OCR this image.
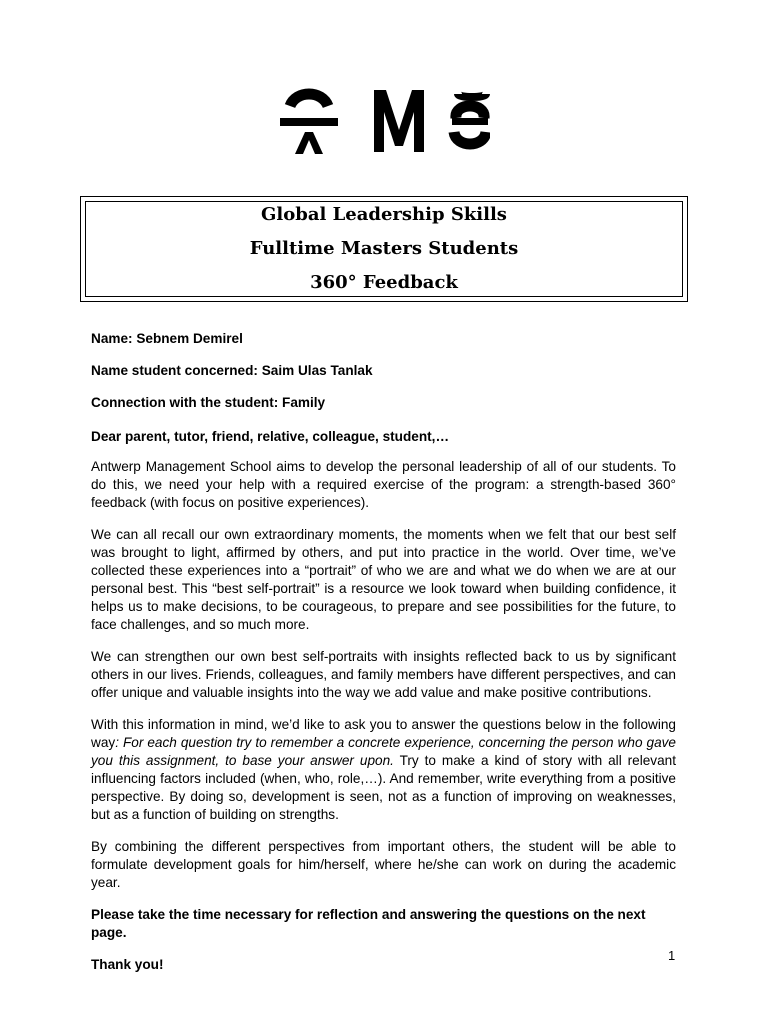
Global Leadership Skills
Fulltime Masters Students
360° Feedback

Name: Sebnem Demirel

Name student concerned: Saim Ulas Tanlak

Connection with the student: Family

Dear parent, tutor, friend, relative, colleague, student,…

Antwerp Management School aims to develop the personal leadership of all of our students. To do this, we need your help with a required exercise of the program: a strength-based 360° feedback (with focus on positive experiences).

We can all recall our own extraordinary moments, the moments when we felt that our best self was brought to light, affirmed by others, and put into practice in the world. Over time, we’ve collected these experiences into a “portrait” of who we are and what we do when we are at our personal best. This “best self-portrait” is a resource we look toward when building confidence, it helps us to make decisions, to be courageous, to prepare and see possibilities for the future, to face challenges, and so much more.

We can strengthen our own best self-portraits with insights reflected back to us by significant others in our lives. Friends, colleagues, and family members have different perspectives, and can offer unique and valuable insights into the way we add value and make positive contributions.

With this information in mind, we’d like to ask you to answer the questions below in the following way: For each question try to remember a concrete experience, concerning the person who gave you this assignment, to base your answer upon. Try to make a kind of story with all relevant influencing factors included (when, who, role,…). And remember, write everything from a positive perspective. By doing so, development is seen, not as a function of improving on weaknesses, but as a function of building on strengths.

By combining the different perspectives from important others, the student will be able to formulate development goals for him/herself, where he/she can work on during the academic year.

Please take the time necessary for reflection and answering the questions on the next page.

Thank you!

1
